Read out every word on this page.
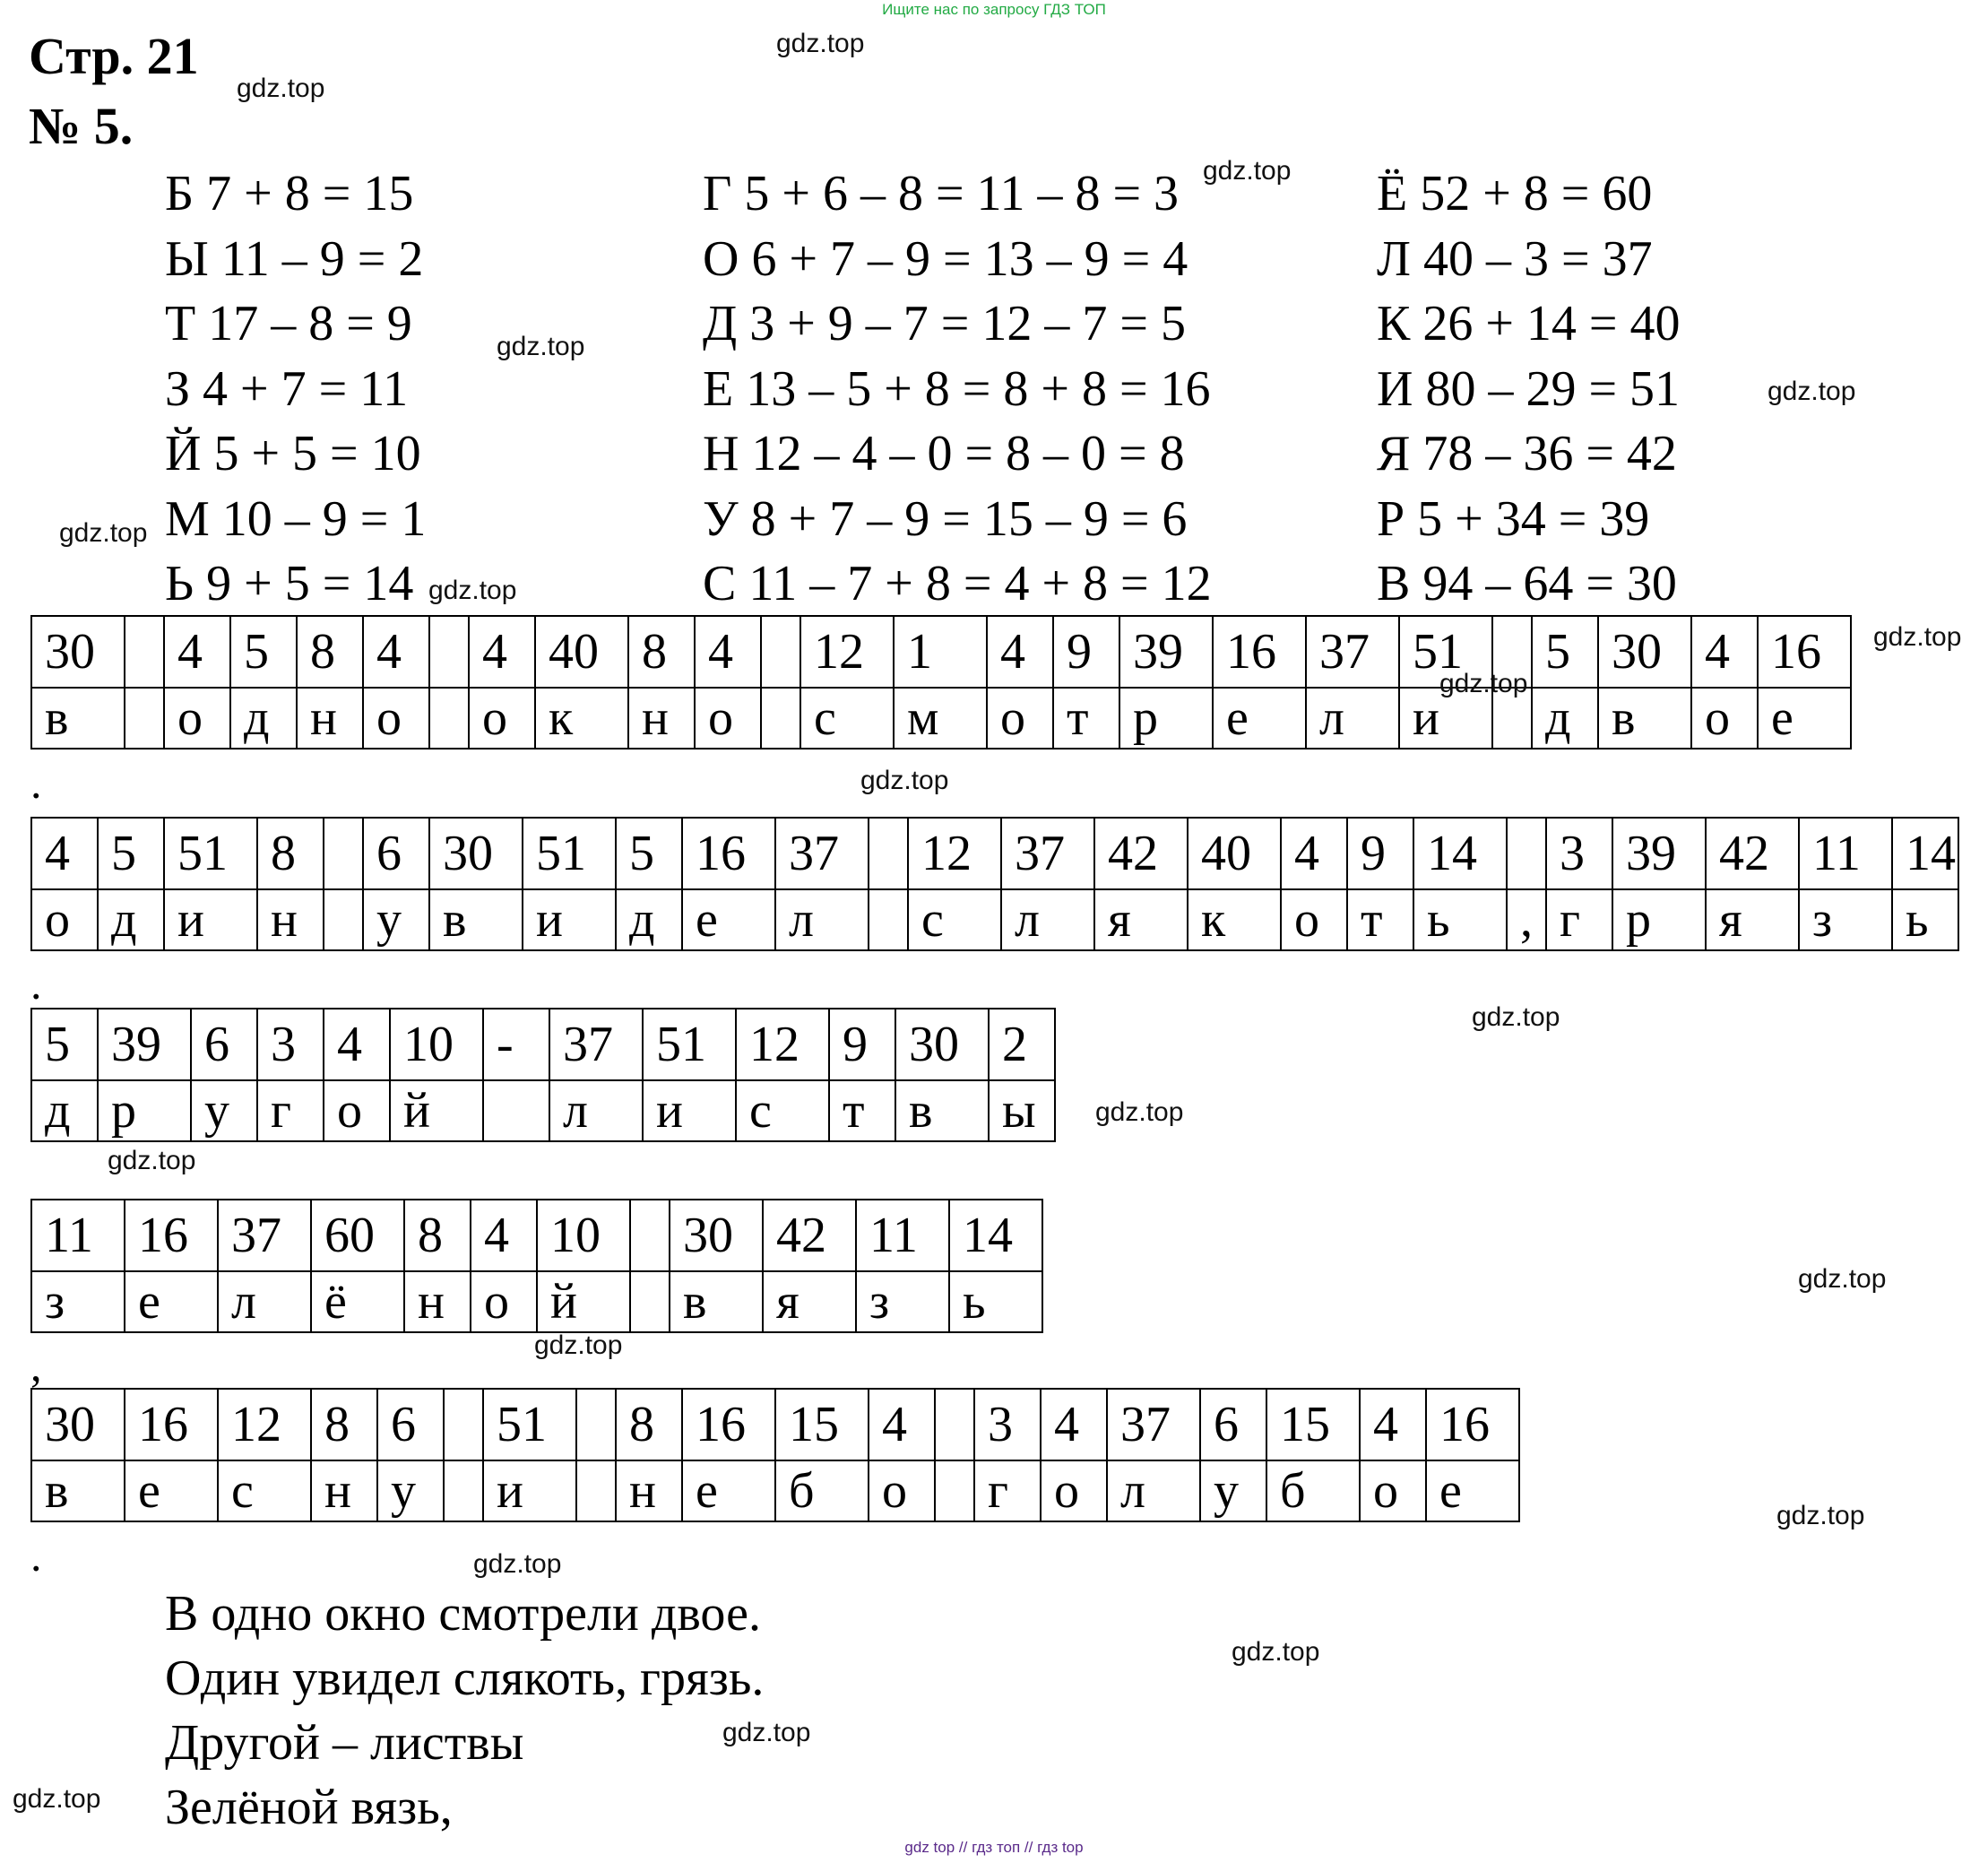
Ищите нас по запросу ГДЗ ТОП
Стр. 21
№ 5.
Б 7 + 8 = 15
Ы 11 – 9 = 2
Т 17 – 8 = 9
З 4 + 7 = 11
Й 5 + 5 = 10
М 10 – 9 = 1
Ь 9 + 5 = 14
Г 5 + 6 – 8 = 11 – 8 = 3
О 6 + 7 – 9 = 13 – 9 = 4
Д 3 + 9 – 7 = 12 – 7 = 5
Е 13 – 5 + 8 = 8 + 8 = 16
Н 12 – 4 – 0 = 8 – 0 = 8
У 8 + 7 – 9 = 15 – 9 = 6
С 11 – 7 + 8 = 4 + 8 = 12
Ё 52 + 8 = 60
Л 40 – 3 = 37
К 26 + 14 = 40
И 80 – 29 = 51
Я 78 – 36 = 42
Р 5 + 34 = 39
В 94 – 64 = 30
30		4	5	8	4		4	40	8	4		12	1	4	9	39	16	37	51		5	30	4	16
в		о	д	н	о		о	к	н	о		с	м	о	т	р	е	л	и		д	в	о	е
.
4	5	51	8		6	30	51	5	16	37		12	37	42	40	4	9	14		3	39	42	11	14
о	д	и	н		у	в	и	д	е	л		с	л	я	к	о	т	ь	,	г	р	я	з	ь
.
5	39	6	3	4	10	-	37	51	12	9	30	2
д	р	у	г	о	й		л	и	с	т	в	ы
11	16	37	60	8	4	10		30	42	11	14
з	е	л	ё	н	о	й		в	я	з	ь
,
30	16	12	8	6		51		8	16	15	4		3	4	37	6	15	4	16
в	е	с	н	у		и		н	е	б	о		г	о	л	у	б	о	е
.
В одно окно смотрели двое.
Один увидел слякоть, грязь.
Другой – листвы
Зелёной вязь,
gdz.top
gdz.top
gdz.top
gdz.top
gdz.top
gdz.top
gdz.top
gdz.top
gdz.top
gdz.top
gdz.top
gdz.top
gdz.top
gdz.top
gdz.top
gdz.top
gdz.top
gdz.top
gdz.top
gdz.top
gdz top // гдз топ // гдз top
